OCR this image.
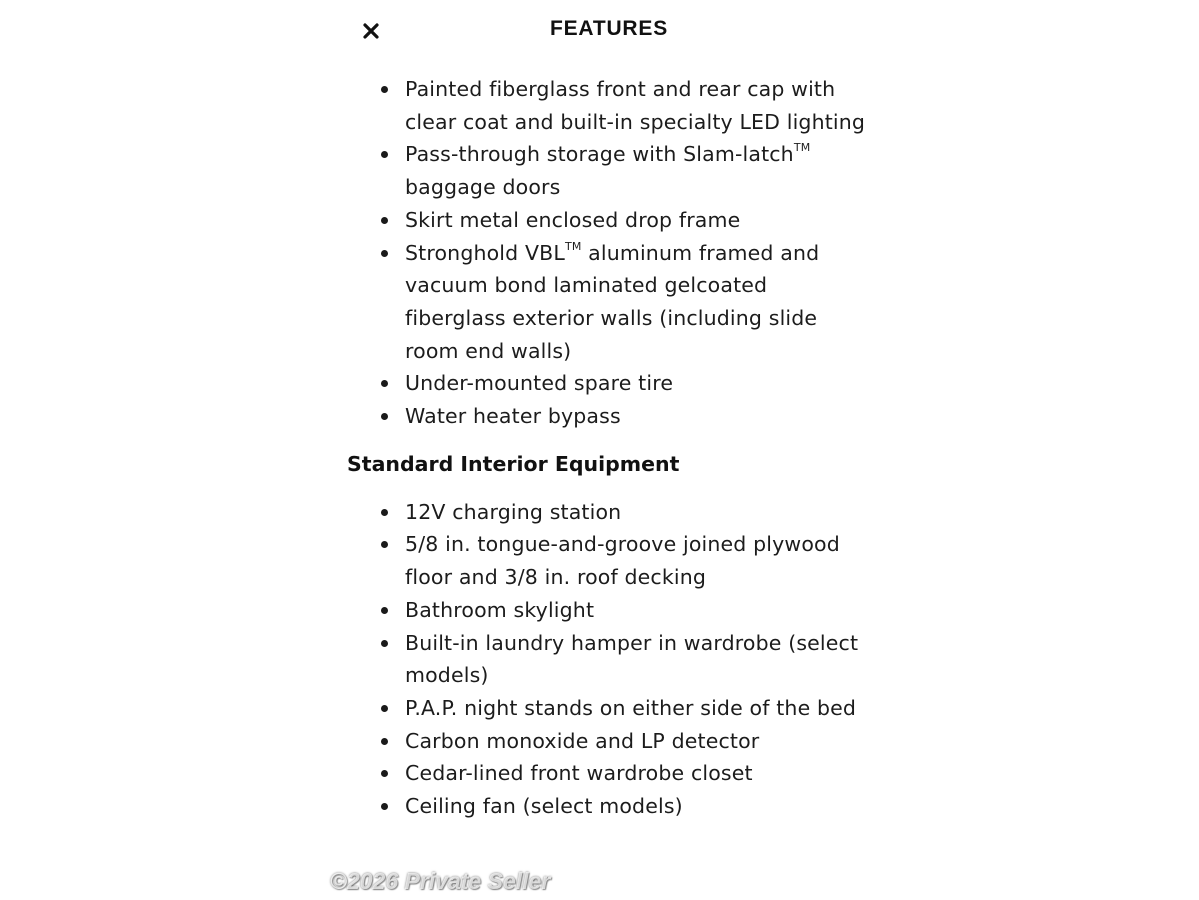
FEATURES

Painted fiberglass front and rear cap with clear coat and built-in specialty LED lighting
Pass-through storage with Slam-latch™ baggage doors
Skirt metal enclosed drop frame
Stronghold VBL™ aluminum framed and vacuum bond laminated gelcoated fiberglass exterior walls (including slide room end walls)
Under-mounted spare tire
Water heater bypass
Standard Interior Equipment
12V charging station
5/8 in. tongue-and-groove joined plywood floor and 3/8 in. roof decking
Bathroom skylight
Built-in laundry hamper in wardrobe (select models)
P.A.P. night stands on either side of the bed
Carbon monoxide and LP detector
Cedar-lined front wardrobe closet
Ceiling fan (select models)
©2026 Private Seller
